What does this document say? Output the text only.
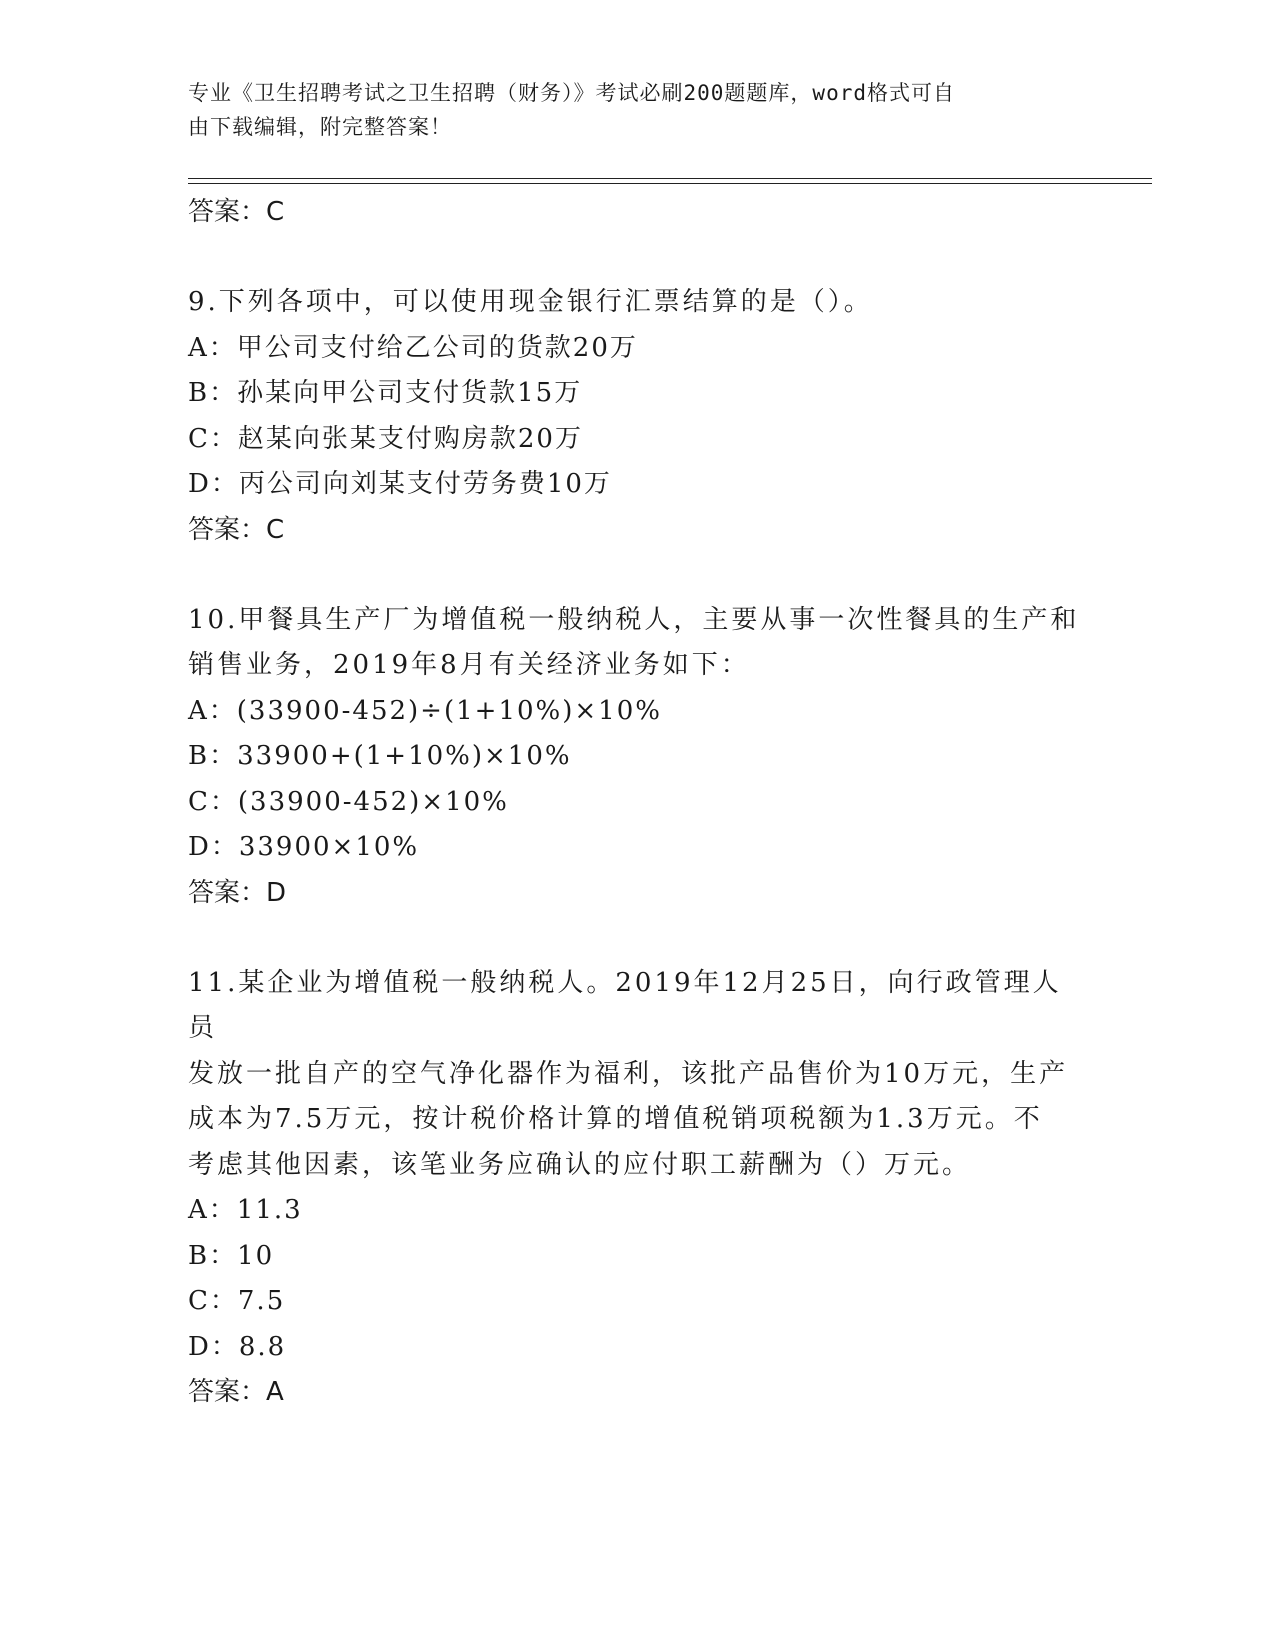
专业《卫生招聘考试之卫生招聘（财务）》考试必刷200题题库，word格式可自
由下载编辑，附完整答案！
答案：C
9.下列各项中，可以使用现金银行汇票结算的是（）。
A：甲公司支付给乙公司的货款20万
B：孙某向甲公司支付货款15万
C：赵某向张某支付购房款20万
D：丙公司向刘某支付劳务费10万
答案：C
10.甲餐具生产厂为增值税一般纳税人，主要从事一次性餐具的生产和
销售业务，2019年8月有关经济业务如下：
A：(33900-452)÷(1+10%)×10%
B：33900+(1+10%)×10%
C：(33900-452)×10%
D：33900×10%
答案：D
11.某企业为增值税一般纳税人。2019年12月25日，向行政管理人员
发放一批自产的空气净化器作为福利，该批产品售价为10万元，生产
成本为7.5万元，按计税价格计算的增值税销项税额为1.3万元。不
考虑其他因素，该笔业务应确认的应付职工薪酬为（）万元。
A：11.3
B：10
C：7.5
D：8.8
答案：A
